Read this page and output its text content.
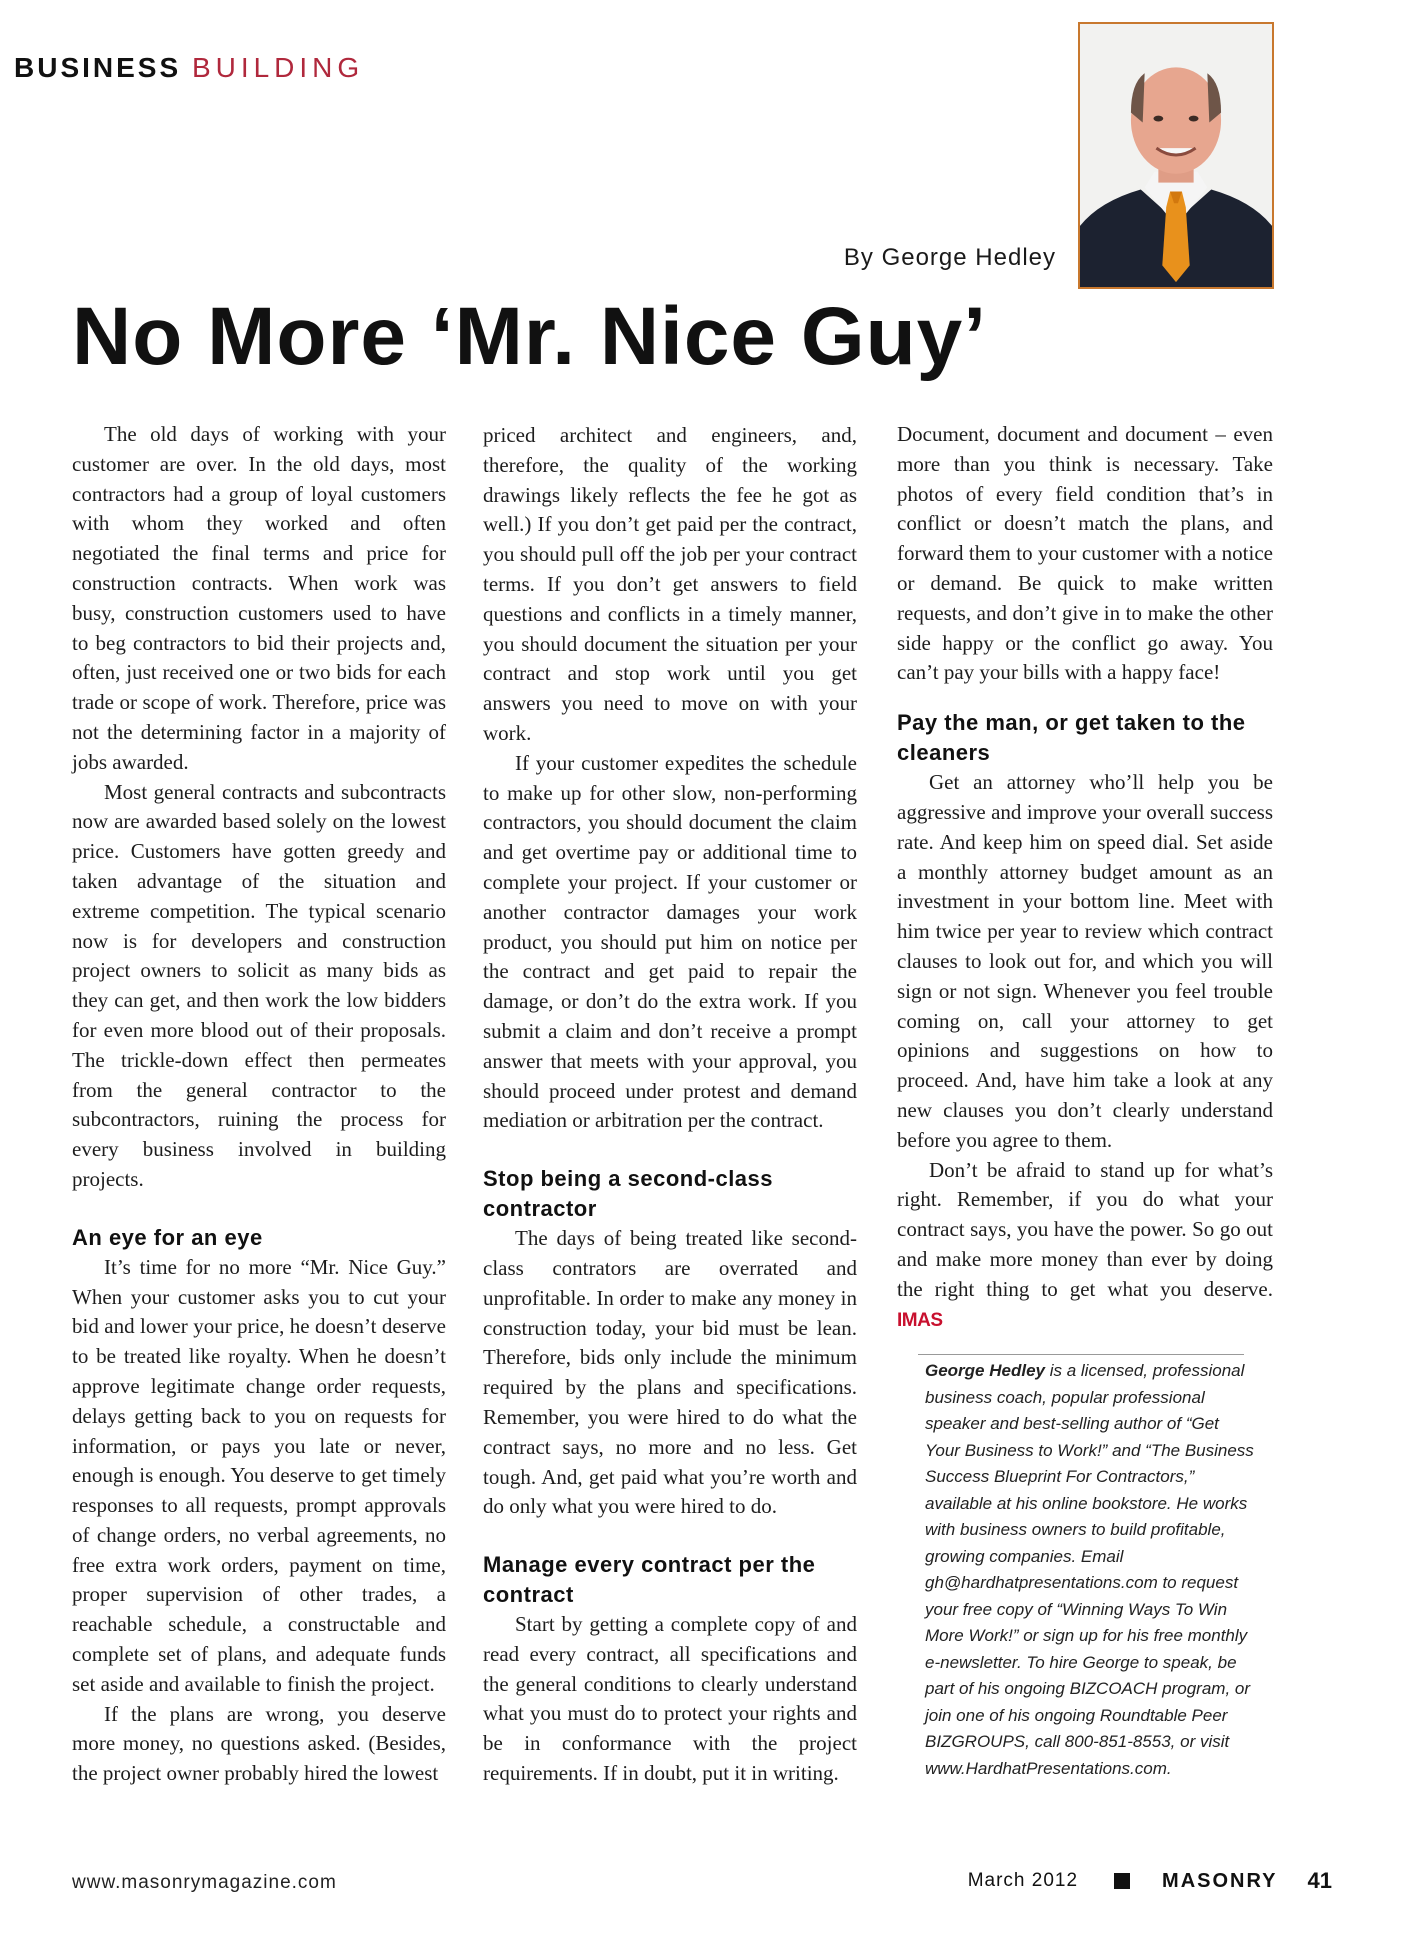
BUSINESS BUILDING
By George Hedley
No More ‘Mr. Nice Guy’

The old days of working with your customer are over. In the old days, most contractors had a group of loyal customers with whom they worked and often negotiated the final terms and price for construction contracts. When work was busy, construction customers used to have to beg contractors to bid their projects and, often, just received one or two bids for each trade or scope of work. Therefore, price was not the determining factor in a majority of jobs awarded.

Most general contracts and subcontracts now are awarded based solely on the lowest price. Customers have gotten greedy and taken advantage of the situation and extreme competition. The typical scenario now is for developers and construction project owners to solicit as many bids as they can get, and then work the low bidders for even more blood out of their proposals. The trickle-down effect then permeates from the general contractor to the subcontractors, ruining the process for every business involved in building projects.

An eye for an eye

It’s time for no more “Mr. Nice Guy.” When your customer asks you to cut your bid and lower your price, he doesn’t deserve to be treated like royalty. When he doesn’t approve legitimate change order requests, delays getting back to you on requests for information, or pays you late or never, enough is enough. You deserve to get timely responses to all requests, prompt approvals of change orders, no verbal agreements, no free extra work orders, payment on time, proper supervision of other trades, a reachable schedule, a constructable and complete set of plans, and adequate funds set aside and available to finish the project.

If the plans are wrong, you deserve more money, no questions asked. (Besides, the project owner probably hired the lowest

priced architect and engineers, and, therefore, the quality of the working drawings likely reflects the fee he got as well.) If you don’t get paid per the contract, you should pull off the job per your contract terms. If you don’t get answers to field questions and conflicts in a timely manner, you should document the situation per your contract and stop work until you get answers you need to move on with your work.

If your customer expedites the schedule to make up for other slow, non-performing contractors, you should document the claim and get overtime pay or additional time to complete your project. If your customer or another contractor damages your work product, you should put him on notice per the contract and get paid to repair the damage, or don’t do the extra work. If you submit a claim and don’t receive a prompt answer that meets with your approval, you should proceed under protest and demand mediation or arbitration per the contract.

Stop being a second-class contractor

The days of being treated like second-class contrators are overrated and unprofitable. In order to make any money in construction today, your bid must be lean. Therefore, bids only include the minimum required by the plans and specifications. Remember, you were hired to do what the contract says, no more and no less. Get tough. And, get paid what you’re worth and do only what you were hired to do.

Manage every contract per the contract

Start by getting a complete copy of and read every contract, all specifications and the general conditions to clearly understand what you must do to protect your rights and be in conformance with the project requirements. If in doubt, put it in writing.

Document, document and document – even more than you think is necessary. Take photos of every field condition that’s in conflict or doesn’t match the plans, and forward them to your customer with a notice or demand. Be quick to make written requests, and don’t give in to make the other side happy or the conflict go away. You can’t pay your bills with a happy face!

Pay the man, or get taken to the cleaners

Get an attorney who’ll help you be aggressive and improve your overall success rate. And keep him on speed dial. Set aside a monthly attorney budget amount as an investment in your bottom line. Meet with him twice per year to review which contract clauses to look out for, and which you will sign or not sign. Whenever you feel trouble coming on, call your attorney to get opinions and suggestions on how to proceed. And, have him take a look at any new clauses you don’t clearly understand before you agree to them.

Don’t be afraid to stand up for what’s right. Remember, if you do what your contract says, you have the power. So go out and make more money than ever by doing the right thing to get what you deserve. IMAS

George Hedley is a licensed, professional business coach, popular professional speaker and best-selling author of “Get Your Business to Work!” and “The Business Success Blueprint For Contractors,” available at his online bookstore. He works with business owners to build profitable, growing companies. Email gh@hardhatpresentations.com to request your free copy of “Winning Ways To Win More Work!” or sign up for his free monthly e-newsletter. To hire George to speak, be part of his ongoing BIZCOACH program, or join one of his ongoing Roundtable Peer BIZGROUPS, call 800-851-8553, or visit www.HardhatPresentations.com.
www.masonrymagazine.com	March 2012	MASONRY 41
